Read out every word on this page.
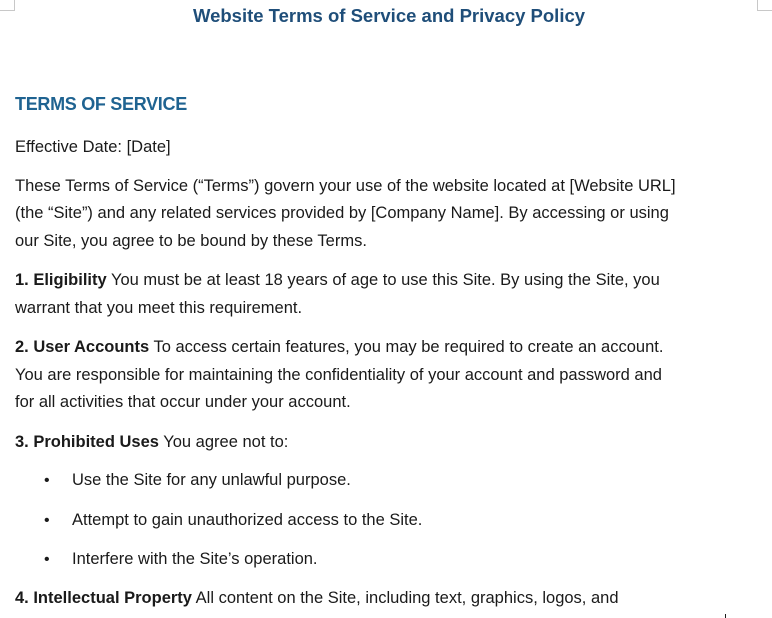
Website Terms of Service and Privacy Policy
TERMS OF SERVICE

Effective Date: [Date]

These Terms of Service (“Terms”) govern your use of the website located at [Website URL]
(the “Site”) and any related services provided by [Company Name]. By accessing or using
our Site, you agree to be bound by these Terms.

1. Eligibility You must be at least 18 years of age to use this Site. By using the Site, you
warrant that you meet this requirement.

2. User Accounts To access certain features, you may be required to create an account.
You are responsible for maintaining the confidentiality of your account and password and
for all activities that occur under your account.

3. Prohibited Uses You agree not to:

• Use the Site for any unlawful purpose.
• Attempt to gain unauthorized access to the Site.
• Interfere with the Site’s operation.

4. Intellectual Property All content on the Site, including text, graphics, logos, and
